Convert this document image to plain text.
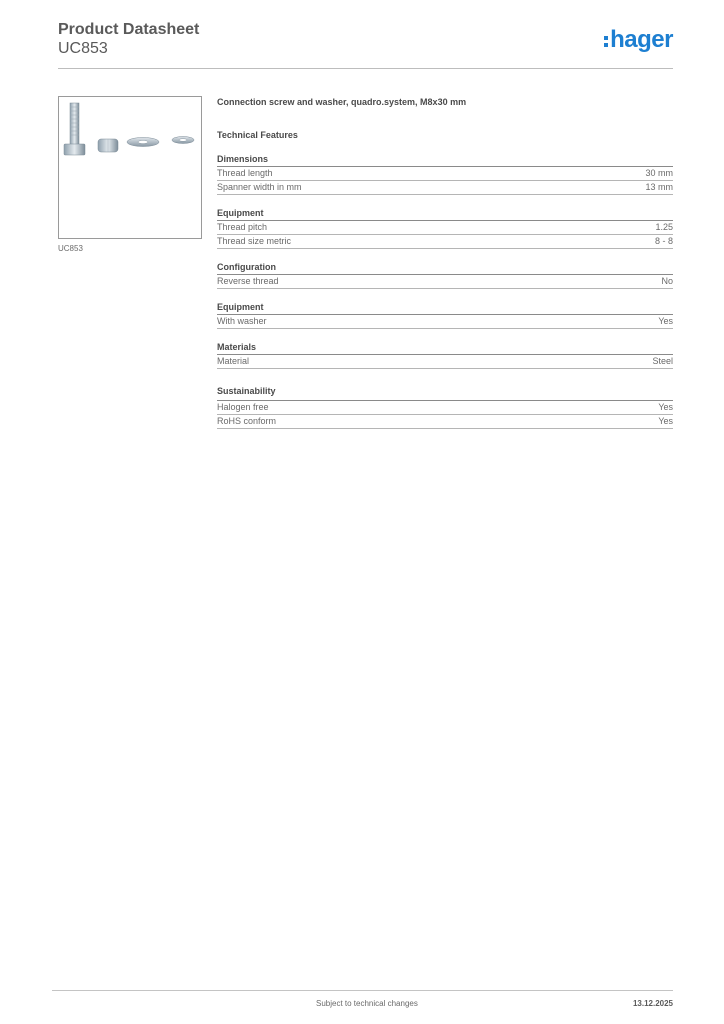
Product Datasheet
UC853	hager
UC853
Connection screw and washer, quadro.system, M8x30 mm
Technical Features
Dimensions
Thread length	30 mm
Spanner width in mm	13 mm
Equipment
Thread pitch	1.25
Thread size metric	8 - 8
Configuration
Reverse thread	No
Equipment
With washer	Yes
Materials
Material	Steel
Sustainability
Halogen free	Yes
RoHS conform	Yes
Subject to technical changes	13.12.2025
